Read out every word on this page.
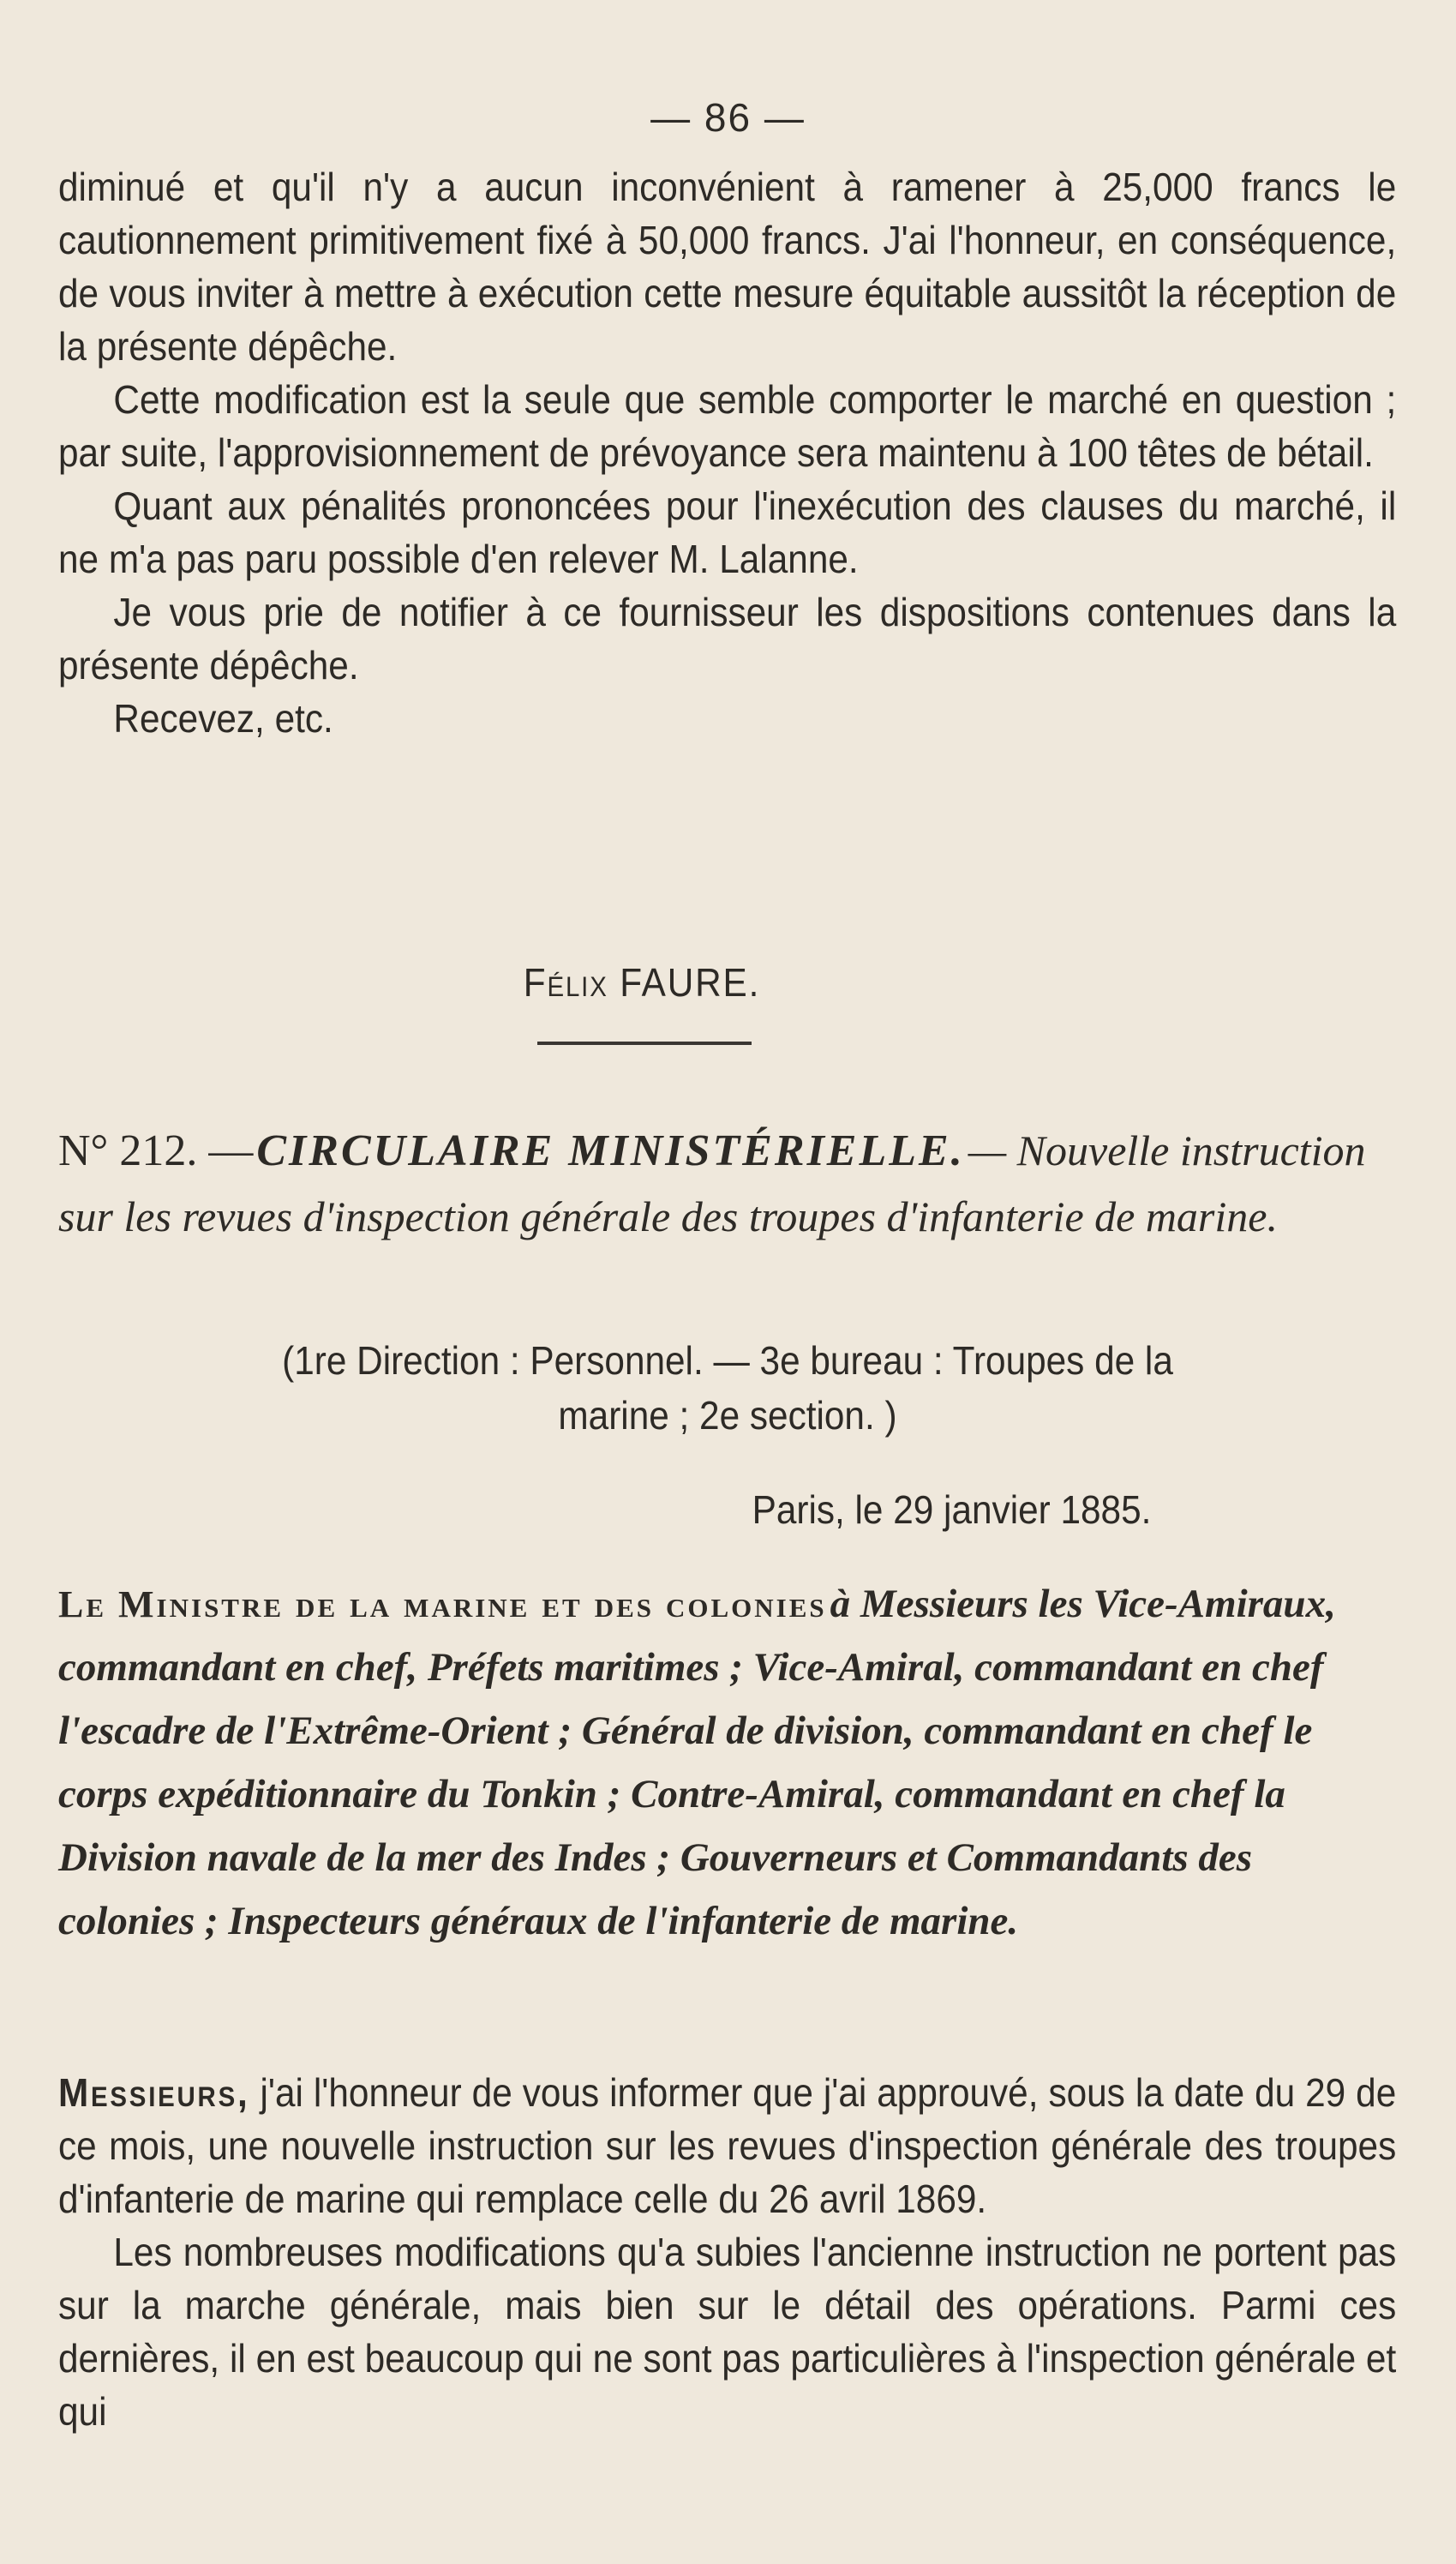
— 86 —

diminué et qu'il n'y a aucun inconvénient à ramener à 25,000 francs le cautionnement primitivement fixé à 50,000 francs. J'ai l'honneur, en conséquence, de vous inviter à mettre à exécution cette mesure équitable aussitôt la réception de la présente dépêche.

Cette modification est la seule que semble comporter le marché en question ; par suite, l'approvisionnement de prévoyance sera maintenu à 100 têtes de bétail.

Quant aux pénalités prononcées pour l'inexécution des clauses du marché, il ne m'a pas paru possible d'en relever M. Lalanne.

Je vous prie de notifier à ce fournisseur les dispositions contenues dans la présente dépêche.

Recevez, etc.

Félix FAURE.

N° 212. — CIRCULAIRE MINISTÉRIELLE. — Nouvelle instruction sur les revues d'inspection générale des troupes d'infanterie de marine.

(1re Direction : Personnel. — 3e bureau : Troupes de la

marine ; 2e section. )

Paris, le 29 janvier 1885.

Le Ministre de la marine et des colonies à Messieurs les Vice-Amiraux, commandant en chef, Préfets maritimes ; Vice-Amiral, commandant en chef l'escadre de l'Extrême-Orient ; Général de division, commandant en chef le corps expéditionnaire du Tonkin ; Contre-Amiral, commandant en chef la Division navale de la mer des Indes ; Gouverneurs et Commandants des colonies ; Inspecteurs généraux de l'infanterie de marine.

Messieurs, j'ai l'honneur de vous informer que j'ai approuvé, sous la date du 29 de ce mois, une nouvelle instruction sur les revues d'inspection générale des troupes d'infanterie de marine qui remplace celle du 26 avril 1869.

Les nombreuses modifications qu'a subies l'ancienne instruction ne portent pas sur la marche générale, mais bien sur le détail des opérations. Parmi ces dernières, il en est beaucoup qui ne sont pas particulières à l'inspection générale et qui
